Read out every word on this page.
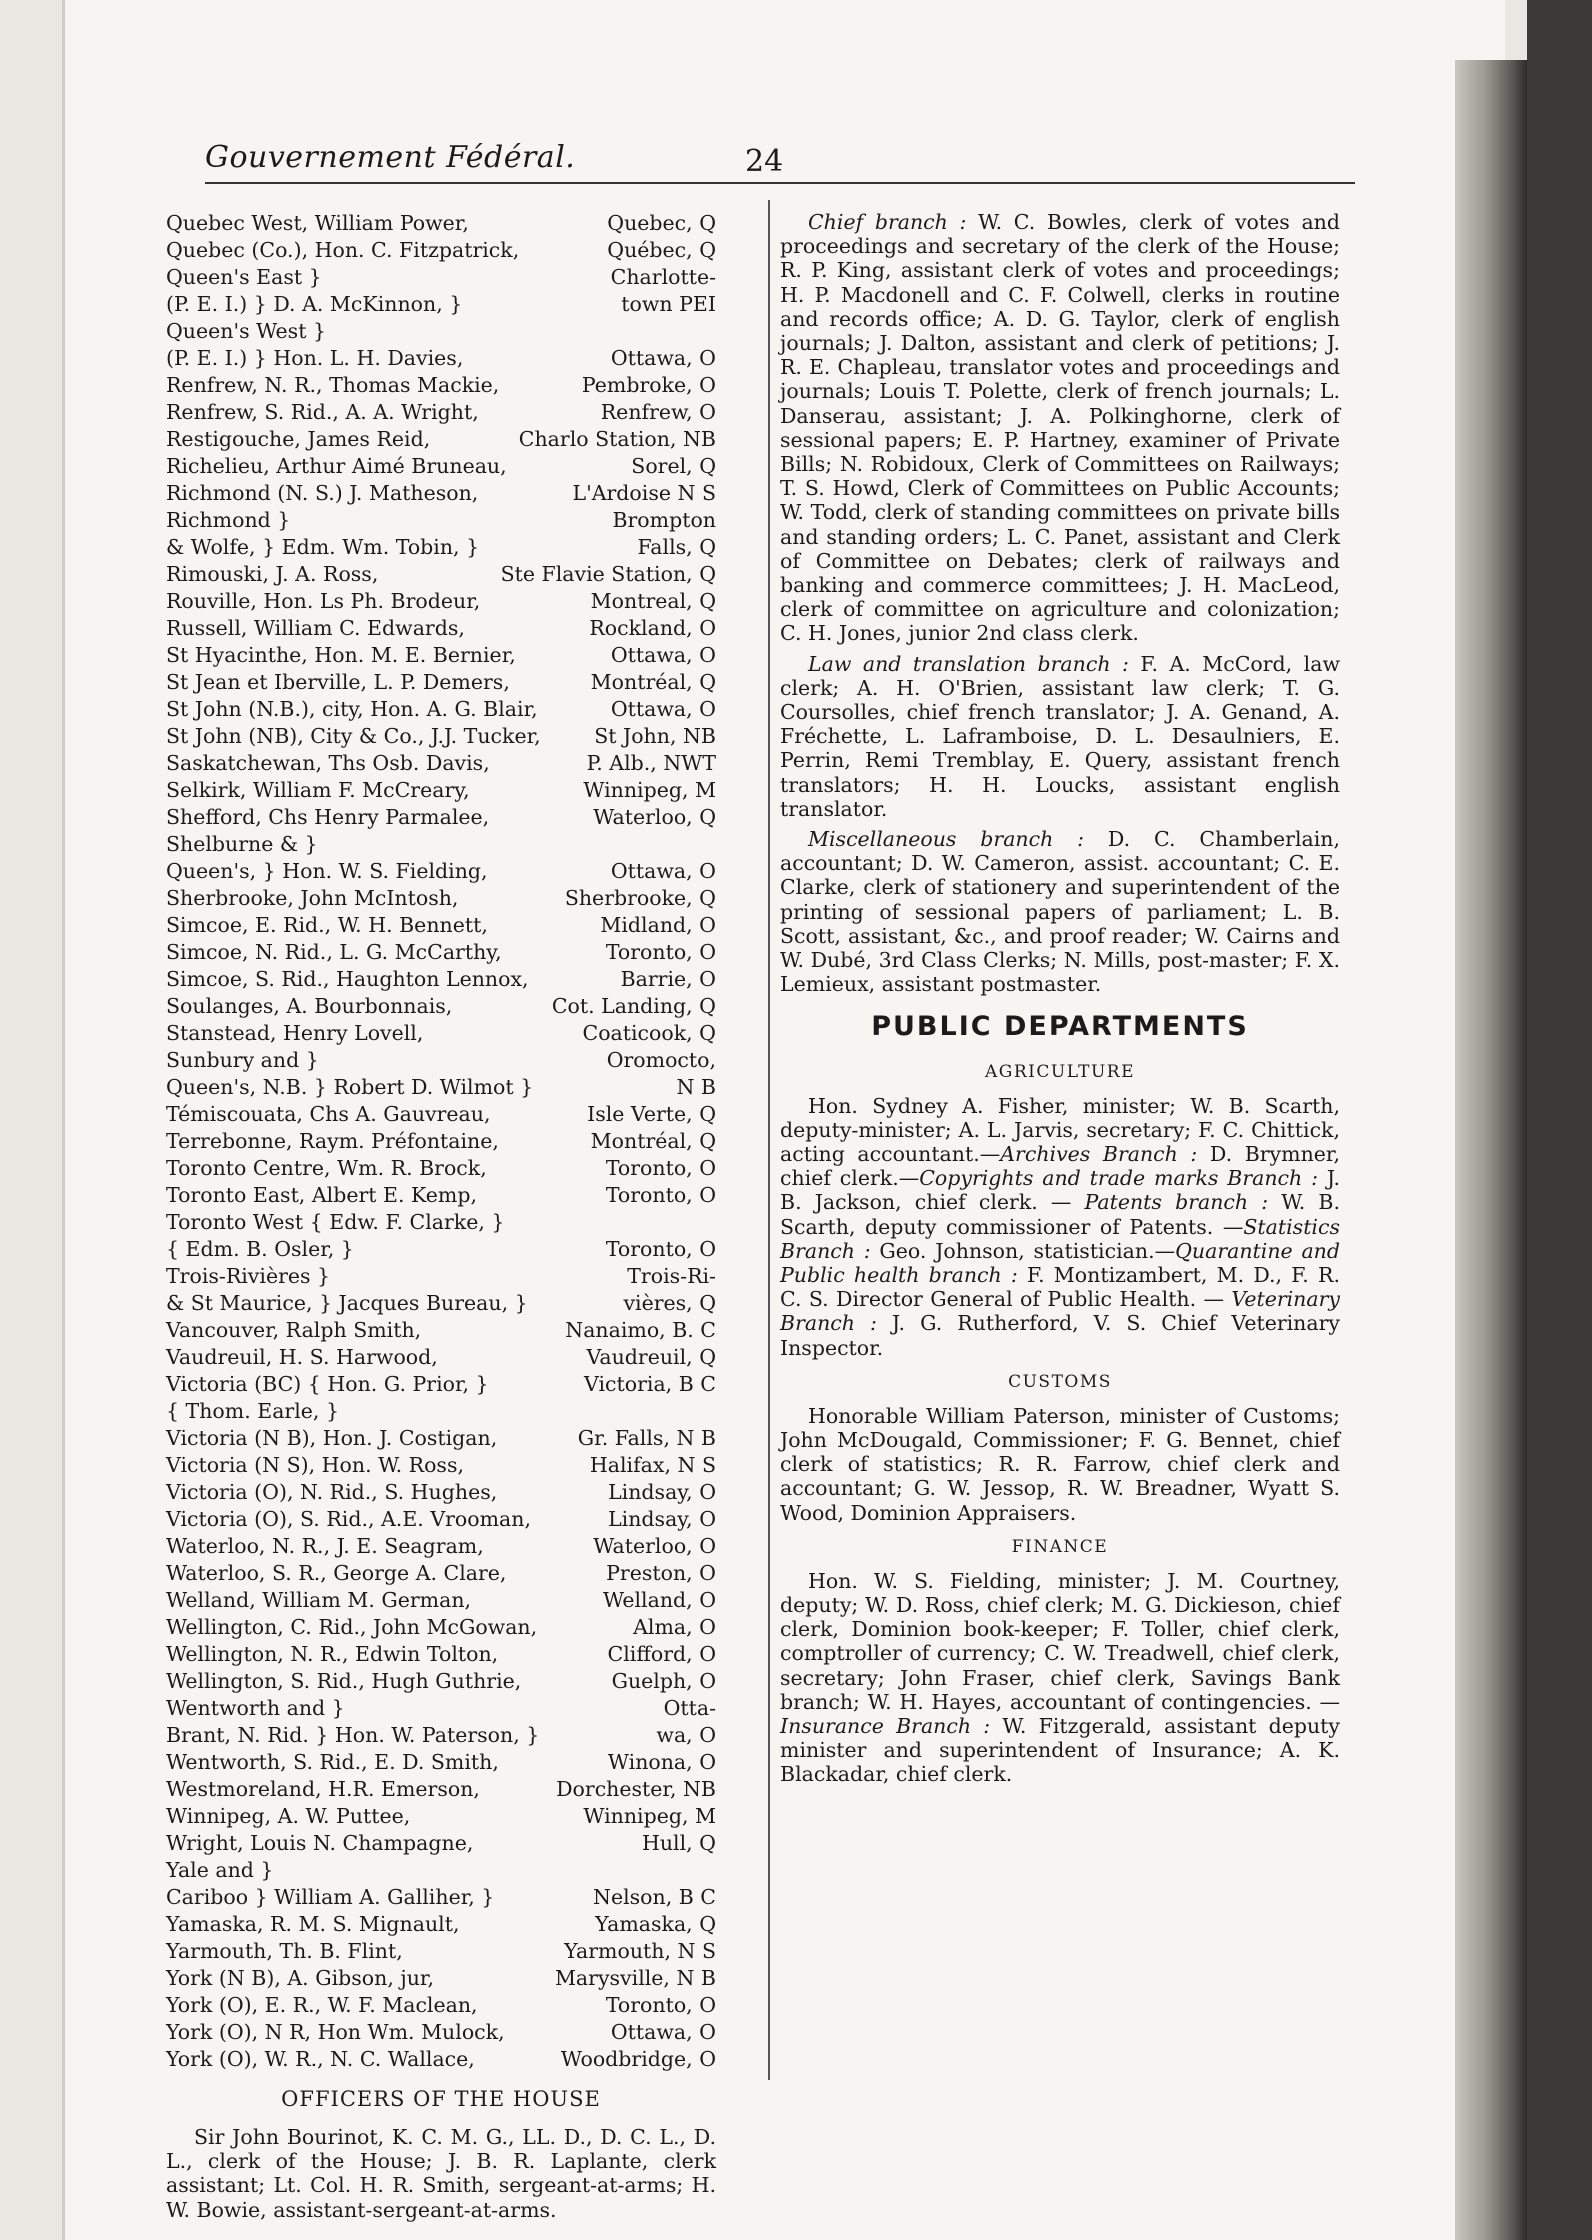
Gouvernement Fédéral.	24
Quebec West, William Power,	Quebec, Q
Quebec (Co.), Hon. C. Fitzpatrick,	Québec, Q
Queen's East }	Charlotte-
(P. E. I.) } D. A. McKinnon, }	town PEI
Queen's West }
(P. E. I.) } Hon. L. H. Davies,	Ottawa, O
Renfrew, N. R., Thomas Mackie,	Pembroke, O
Renfrew, S. Rid., A. A. Wright,	Renfrew, O
Restigouche, James Reid,	Charlo Station, NB
Richelieu, Arthur Aimé Bruneau,	Sorel, Q
Richmond (N. S.) J. Matheson,	L'Ardoise N S
Richmond }	Brompton
& Wolfe, } Edm. Wm. Tobin, }	Falls, Q
Rimouski, J. A. Ross,	Ste Flavie Station, Q
Rouville, Hon. Ls Ph. Brodeur,	Montreal, Q
Russell, William C. Edwards,	Rockland, O
St Hyacinthe, Hon. M. E. Bernier,	Ottawa, O
St Jean et Iberville, L. P. Demers,	Montréal, Q
St John (N.B.), city, Hon. A. G. Blair,	Ottawa, O
St John (NB), City & Co., J.J. Tucker,	St John, NB
Saskatchewan, Ths Osb. Davis,	P. Alb., NWT
Selkirk, William F. McCreary,	Winnipeg, M
Shefford, Chs Henry Parmalee,	Waterloo, Q
Shelburne & }
Queen's, } Hon. W. S. Fielding,	Ottawa, O
Sherbrooke, John McIntosh,	Sherbrooke, Q
Simcoe, E. Rid., W. H. Bennett,	Midland, O
Simcoe, N. Rid., L. G. McCarthy,	Toronto, O
Simcoe, S. Rid., Haughton Lennox,	Barrie, O
Soulanges, A. Bourbonnais,	Cot. Landing, Q
Stanstead, Henry Lovell,	Coaticook, Q
Sunbury and }	Oromocto,
Queen's, N.B. } Robert D. Wilmot }	N B
Témiscouata, Chs A. Gauvreau,	Isle Verte, Q
Terrebonne, Raym. Préfontaine,	Montréal, Q
Toronto Centre, Wm. R. Brock,	Toronto, O
Toronto East, Albert E. Kemp,	Toronto, O
Toronto West { Edw. F. Clarke, }
{ Edm. B. Osler, }	Toronto, O
Trois-Rivières }	Trois-Ri-
& St Maurice, } Jacques Bureau, }	vières, Q
Vancouver, Ralph Smith,	Nanaimo, B. C
Vaudreuil, H. S. Harwood,	Vaudreuil, Q
Victoria (BC) { Hon. G. Prior, }	Victoria, B C
{ Thom. Earle, }
Victoria (N B), Hon. J. Costigan,	Gr. Falls, N B
Victoria (N S), Hon. W. Ross,	Halifax, N S
Victoria (O), N. Rid., S. Hughes,	Lindsay, O
Victoria (O), S. Rid., A.E. Vrooman,	Lindsay, O
Waterloo, N. R., J. E. Seagram,	Waterloo, O
Waterloo, S. R., George A. Clare,	Preston, O
Welland, William M. German,	Welland, O
Wellington, C. Rid., John McGowan,	Alma, O
Wellington, N. R., Edwin Tolton,	Clifford, O
Wellington, S. Rid., Hugh Guthrie,	Guelph, O
Wentworth and }	Otta-
Brant, N. Rid. } Hon. W. Paterson, }	wa, O
Wentworth, S. Rid., E. D. Smith,	Winona, O
Westmoreland, H.R. Emerson,	Dorchester, NB
Winnipeg, A. W. Puttee,	Winnipeg, M
Wright, Louis N. Champagne,	Hull, Q
Yale and }
Cariboo } William A. Galliher, }	Nelson, B C
Yamaska, R. M. S. Mignault,	Yamaska, Q
Yarmouth, Th. B. Flint,	Yarmouth, N S
York (N B), A. Gibson, jur,	Marysville, N B
York (O), E. R., W. F. Maclean,	Toronto, O
York (O), N R, Hon Wm. Mulock,	Ottawa, O
York (O), W. R., N. C. Wallace,	Woodbridge, O
OFFICERS OF THE HOUSE

Sir John Bourinot, K. C. M. G., LL. D., D. C. L., D. L., clerk of the House; J. B. R. Laplante, clerk assistant; Lt. Col. H. R. Smith, sergeant-at-arms; H. W. Bowie, assistant-sergeant-at-arms.

Chief branch : W. C. Bowles, clerk of votes and proceedings and secretary of the clerk of the House; R. P. King, assistant clerk of votes and proceedings; H. P. Macdonell and C. F. Colwell, clerks in routine and records office; A. D. G. Taylor, clerk of english journals; J. Dalton, assistant and clerk of petitions; J. R. E. Chapleau, translator votes and proceedings and journals; Louis T. Polette, clerk of french journals; L. Danserau, assistant; J. A. Polkinghorne, clerk of sessional papers; E. P. Hartney, examiner of Private Bills; N. Robidoux, Clerk of Committees on Railways; T. S. Howd, Clerk of Committees on Public Accounts; W. Todd, clerk of standing committees on private bills and standing orders; L. C. Panet, assistant and Clerk of Committee on Debates; clerk of railways and banking and commerce committees; J. H. MacLeod, clerk of committee on agriculture and colonization; C. H. Jones, junior 2nd class clerk.

Law and translation branch : F. A. McCord, law clerk; A. H. O'Brien, assistant law clerk; T. G. Coursolles, chief french translator; J. A. Genand, A. Fréchette, L. Laframboise, D. L. Desaulniers, E. Perrin, Remi Tremblay, E. Query, assistant french translators; H. H. Loucks, assistant english translator.

Miscellaneous branch : D. C. Chamberlain, accountant; D. W. Cameron, assist. accountant; C. E. Clarke, clerk of stationery and superintendent of the printing of sessional papers of parliament; L. B. Scott, assistant, &c., and proof reader; W. Cairns and W. Dubé, 3rd Class Clerks; N. Mills, post-master; F. X. Lemieux, assistant postmaster.

PUBLIC DEPARTMENTS
AGRICULTURE

Hon. Sydney A. Fisher, minister; W. B. Scarth, deputy-minister; A. L. Jarvis, secretary; F. C. Chittick, acting accountant.—Archives Branch : D. Brymner, chief clerk.—Copyrights and trade marks Branch : J. B. Jackson, chief clerk. — Patents branch : W. B. Scarth, deputy commissioner of Patents. —Statistics Branch : Geo. Johnson, statistician.—Quarantine and Public health branch : F. Montizambert, M. D., F. R. C. S. Director General of Public Health. — Veterinary Branch : J. G. Rutherford, V. S. Chief Veterinary Inspector.

CUSTOMS

Honorable William Paterson, minister of Customs; John McDougald, Commissioner; F. G. Bennet, chief clerk of statistics; R. R. Farrow, chief clerk and accountant; G. W. Jessop, R. W. Breadner, Wyatt S. Wood, Dominion Appraisers.

FINANCE

Hon. W. S. Fielding, minister; J. M. Courtney, deputy; W. D. Ross, chief clerk; M. G. Dickieson, chief clerk, Dominion book-keeper; F. Toller, chief clerk, comptroller of currency; C. W. Treadwell, chief clerk, secretary; John Fraser, chief clerk, Savings Bank branch; W. H. Hayes, accountant of contingencies. — Insurance Branch : W. Fitzgerald, assistant deputy minister and superintendent of Insurance; A. K. Blackadar, chief clerk.
